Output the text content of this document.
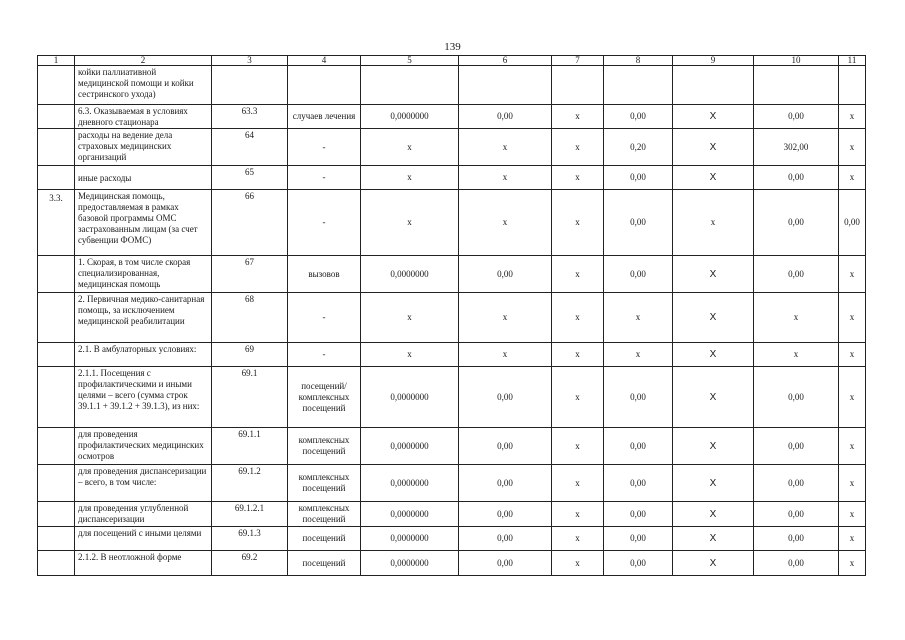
139
1	2	3	4	5	6	7	8	9	10	11
	койки паллиативной медицинской помощи и койки сестринского ухода)									
	6.3. Оказываемая в условиях дневного стационара	63.3	случаев лечения	0,0000000	0,00	x	0,00	X	0,00	x
	расходы на ведение дела страховых медицинских организаций	64	-	x	x	x	0,20	X	302,00	x
	иные расходы	65	-	x	x	x	0,00	X	0,00	x
3.3.	Медицинская помощь, предоставляемая в рамках базовой программы ОМС застрахованным лицам (за счет субвенции ФОМС)	66	-	x	x	x	0,00	x	0,00	0,00
	1. Скорая, в том числе скорая специализированная, медицинская помощь	67	вызовов	0,0000000	0,00	x	0,00	X	0,00	x
	2. Первичная медико-санитарная помощь, за исключением медицинской реабилитации	68	-	x	x	x	x	X	x	x
	2.1. В амбулаторных условиях:	69	-	x	x	x	x	X	x	x
	2.1.1. Посещения с профилактическими и иными целями – всего (сумма строк 39.1.1 + 39.1.2 + 39.1.3), из них:	69.1	посещений/комплексных посещений	0,0000000	0,00	x	0,00	X	0,00	x
	для проведения профилактических медицинских осмотров	69.1.1	комплексных посещений	0,0000000	0,00	x	0,00	X	0,00	x
	для проведения диспансеризации – всего, в том числе:	69.1.2	комплексных посещений	0,0000000	0,00	x	0,00	X	0,00	x
	для проведения углубленной диспансеризации	69.1.2.1	комплексных посещений	0,0000000	0,00	x	0,00	X	0,00	x
	для посещений с иными целями	69.1.3	посещений	0,0000000	0,00	x	0,00	X	0,00	x
	2.1.2. В неотложной форме	69.2	посещений	0,0000000	0,00	x	0,00	X	0,00	x
